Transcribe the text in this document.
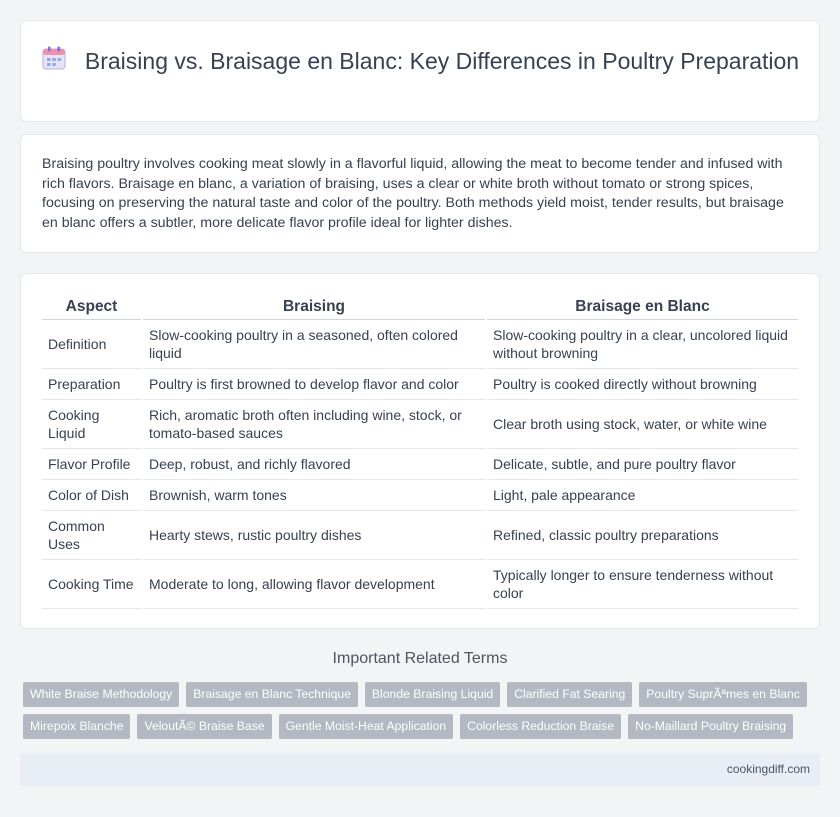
Braising vs. Braisage en Blanc: Key Differences in Poultry Preparation

Braising poultry involves cooking meat slowly in a flavorful liquid, allowing the meat to become tender and infused with rich flavors. Braisage en blanc, a variation of braising, uses a clear or white broth without tomato or strong spices, focusing on preserving the natural taste and color of the poultry. Both methods yield moist, tender results, but braisage en blanc offers a subtler, more delicate flavor profile ideal for lighter dishes.

Aspect	Braising	Braisage en Blanc
Definition	Slow-cooking poultry in a seasoned, often colored liquid	Slow-cooking poultry in a clear, uncolored liquid without browning
Preparation	Poultry is first browned to develop flavor and color	Poultry is cooked directly without browning
Cooking Liquid	Rich, aromatic broth often including wine, stock, or tomato-based sauces	Clear broth using stock, water, or white wine
Flavor Profile	Deep, robust, and richly flavored	Delicate, subtle, and pure poultry flavor
Color of Dish	Brownish, warm tones	Light, pale appearance
Common Uses	Hearty stews, rustic poultry dishes	Refined, classic poultry preparations
Cooking Time	Moderate to long, allowing flavor development	Typically longer to ensure tenderness without color
Important Related Terms
White Braise Methodology	Braisage en Blanc Technique	Blonde Braising Liquid	Clarified Fat Searing	Poultry SuprÃªmes en Blanc
Mirepoix Blanche	VeloutÃ© Braise Base	Gentle Moist-Heat Application	Colorless Reduction Braise	No-Maillard Poultry Braising
cookingdiff.com
